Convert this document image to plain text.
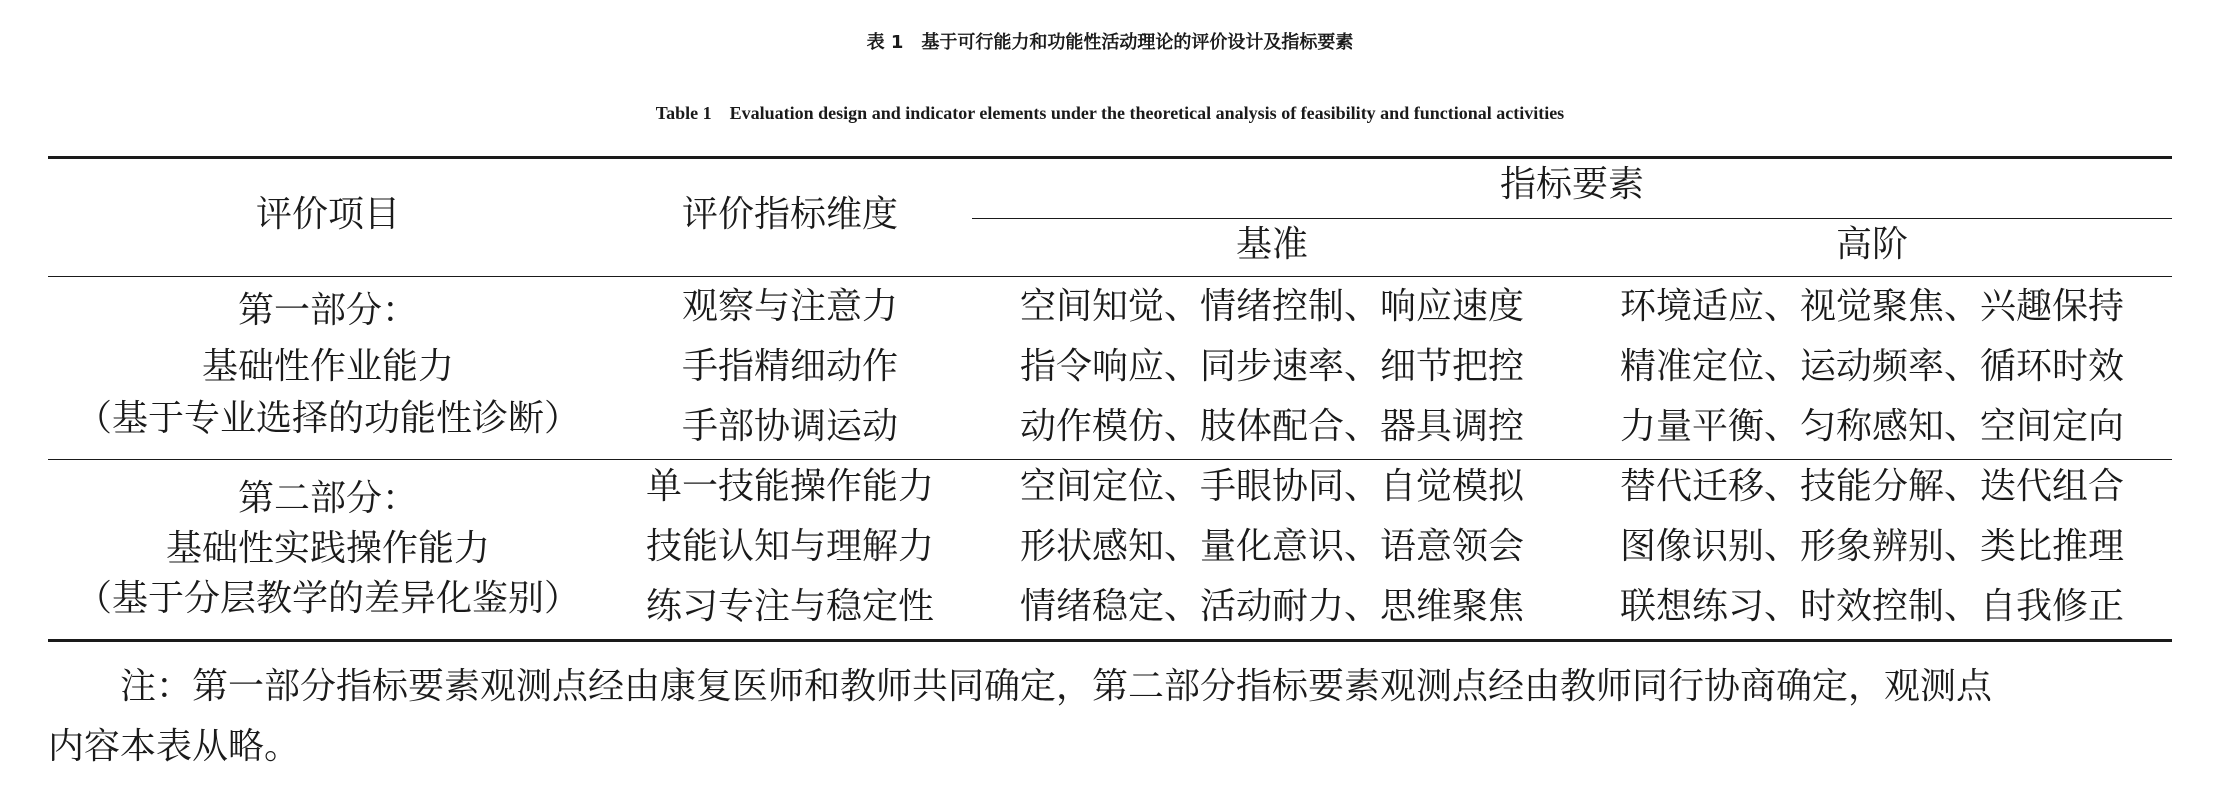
表 1　基于可行能力和功能性活动理论的评价设计及指标要素
Table 1　Evaluation design and indicator elements under the theoretical analysis of feasibility and functional activities
评价项目	评价指标维度
指标要素
基准	高阶
第一部分：
基础性作业能力
（基于专业选择的功能性诊断）
观察与注意力	空间知觉、情绪控制、响应速度	环境适应、视觉聚焦、兴趣保持
手指精细动作	指令响应、同步速率、细节把控	精准定位、运动频率、循环时效
手部协调运动	动作模仿、肢体配合、器具调控	力量平衡、匀称感知、空间定向
第二部分：
基础性实践操作能力
（基于分层教学的差异化鉴别）
单一技能操作能力	空间定位、手眼协同、自觉模拟	替代迁移、技能分解、迭代组合
技能认知与理解力	形状感知、量化意识、语意领会	图像识别、形象辨别、类比推理
练习专注与稳定性	情绪稳定、活动耐力、思维聚焦	联想练习、时效控制、自我修正
注：第一部分指标要素观测点经由康复医师和教师共同确定，第二部分指标要素观测点经由教师同行协商确定，观测点
内容本表从略。
